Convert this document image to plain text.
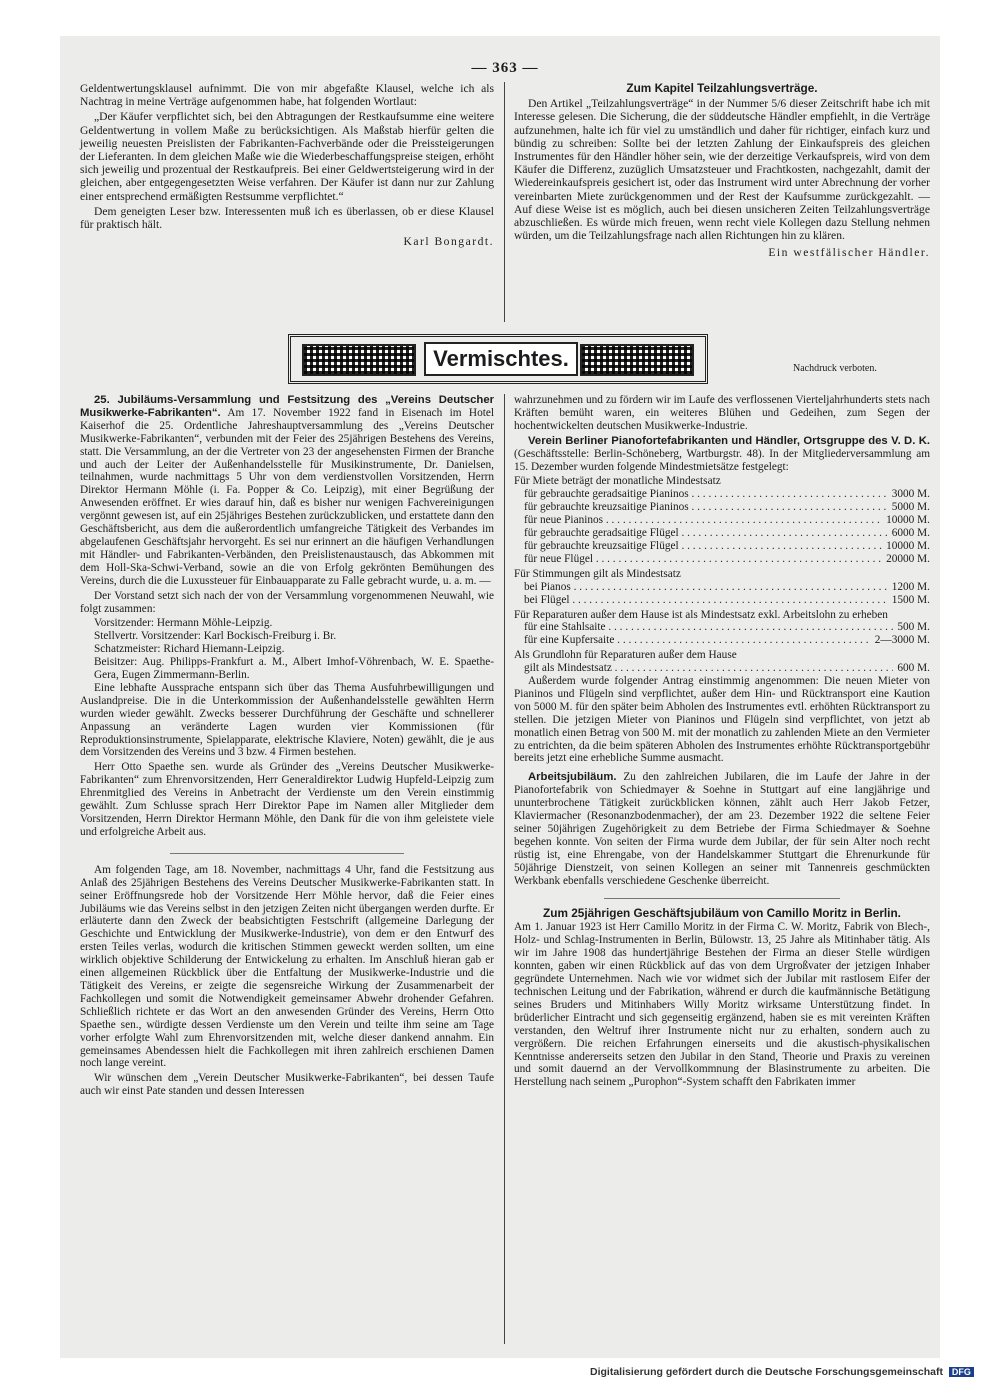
— 363 —

Geldentwertungsklausel aufnimmt. Die von mir abgefaßte Klausel, welche ich als Nachtrag in meine Verträge aufgenommen habe, hat folgenden Wortlaut:

„Der Käufer verpflichtet sich, bei den Abtragungen der Restkaufsumme eine weitere Geldentwertung in vollem Maße zu berücksichtigen. Als Maßstab hierfür gelten die jeweilig neuesten Preislisten der Fabrikanten-Fachverbände oder die Preissteigerungen der Lieferanten. In dem gleichen Maße wie die Wiederbeschaffungspreise steigen, erhöht sich jeweilig und prozentual der Restkaufpreis. Bei einer Geldwertsteigerung wird in der gleichen, aber entgegengesetzten Weise verfahren. Der Käufer ist dann nur zur Zahlung einer entsprechend ermäßigten Restsumme verpflichtet.“

Dem geneigten Leser bzw. Interessenten muß ich es überlassen, ob er diese Klausel für praktisch hält.

Karl Bongardt.
Zum Kapitel Teilzahlungsverträge.

Den Artikel „Teilzahlungsverträge“ in der Nummer 5/6 dieser Zeitschrift habe ich mit Interesse gelesen. Die Sicherung, die der süddeutsche Händler empfiehlt, in die Verträge aufzunehmen, halte ich für viel zu umständlich und daher für richtiger, einfach kurz und bündig zu schreiben: Sollte bei der letzten Zahlung der Einkaufspreis des gleichen Instrumentes für den Händler höher sein, wie der derzeitige Verkaufspreis, wird von dem Käufer die Differenz, zuzüglich Umsatzsteuer und Frachtkosten, nachgezahlt, damit der Wiedereinkaufspreis gesichert ist, oder das Instrument wird unter Abrechnung der vorher vereinbarten Miete zurückgenommen und der Rest der Kaufsumme zurückgezahlt. — Auf diese Weise ist es möglich, auch bei diesen unsicheren Zeiten Teilzahlungsverträge abzuschließen. Es würde mich freuen, wenn recht viele Kollegen dazu Stellung nehmen würden, um die Teilzahlungsfrage nach allen Richtungen hin zu klären.

Ein westfälischer Händler.
Vermischtes.	Nachdruck verboten.

25. Jubiläums-Versammlung und Festsitzung des „Vereins Deutscher Musikwerke-Fabrikanten“. Am 17. November 1922 fand in Eisenach im Hotel Kaiserhof die 25. Ordentliche Jahreshauptversammlung des „Vereins Deutscher Musikwerke-Fabrikanten“, verbunden mit der Feier des 25jährigen Bestehens des Vereins, statt. Die Versammlung, an der die Vertreter von 23 der angesehensten Firmen der Branche und auch der Leiter der Außenhandelsstelle für Musikinstrumente, Dr. Danielsen, teilnahmen, wurde nachmittags 5 Uhr von dem verdienstvollen Vorsitzenden, Herrn Direktor Hermann Möhle (i. Fa. Popper & Co. Leipzig), mit einer Begrüßung der Anwesenden eröffnet. Er wies darauf hin, daß es bisher nur wenigen Fachvereinigungen vergönnt gewesen ist, auf ein 25jähriges Bestehen zurückzublicken, und erstattete dann den Geschäftsbericht, aus dem die außerordentlich umfangreiche Tätigkeit des Verbandes im abgelaufenen Geschäftsjahr hervorgeht. Es sei nur erinnert an die häufigen Verhandlungen mit Händler- und Fabrikanten-Verbänden, den Preislistenaustausch, das Abkommen mit dem Holl-Ska-Schwi-Verband, sowie an die von Erfolg gekrönten Bemühungen des Vereins, durch die die Luxussteuer für Einbauapparate zu Falle gebracht wurde, u. a. m. —

Der Vorstand setzt sich nach der von der Versammlung vorgenommenen Neuwahl, wie folgt zusammen:

Vorsitzender: Hermann Möhle-Leipzig.
Stellvertr. Vorsitzender: Karl Bockisch-Freiburg i. Br.
Schatzmeister: Richard Hiemann-Leipzig.
Beisitzer: Aug. Philipps-Frankfurt a. M., Albert Imhof-Vöhrenbach, W. E. Spaethe-Gera, Eugen Zimmermann-Berlin.

Eine lebhafte Aussprache entspann sich über das Thema Ausfuhrbewilligungen und Auslandpreise. Die in die Unterkommission der Außenhandelsstelle gewählten Herrn wurden wieder gewählt. Zwecks besserer Durchführung der Geschäfte und schnellerer Anpassung an veränderte Lagen wurden vier Kommissionen (für Reproduktionsinstrumente, Spielapparate, elektrische Klaviere, Noten) gewählt, die je aus dem Vorsitzenden des Vereins und 3 bzw. 4 Firmen bestehen.

Herr Otto Spaethe sen. wurde als Gründer des „Vereins Deutscher Musikwerke-Fabrikanten“ zum Ehrenvorsitzenden, Herr Generaldirektor Ludwig Hupfeld-Leipzig zum Ehrenmitglied des Vereins in Anbetracht der Verdienste um den Verein einstimmig gewählt. Zum Schlusse sprach Herr Direktor Pape im Namen aller Mitglieder dem Vorsitzenden, Herrn Direktor Hermann Möhle, den Dank für die von ihm geleistete viele und erfolgreiche Arbeit aus.

Am folgenden Tage, am 18. November, nachmittags 4 Uhr, fand die Festsitzung aus Anlaß des 25jährigen Bestehens des Vereins Deutscher Musikwerke-Fabrikanten statt. In seiner Eröffnungsrede hob der Vorsitzende Herr Möhle hervor, daß die Feier eines Jubiläums wie das Vereins selbst in den jetzigen Zeiten nicht übergangen werden durfte. Er erläuterte dann den Zweck der beabsichtigten Festschrift (allgemeine Darlegung der Geschichte und Entwicklung der Musikwerke-Industrie), von dem er den Entwurf des ersten Teiles verlas, wodurch die kritischen Stimmen geweckt werden sollten, um eine wirklich objektive Schilderung der Entwickelung zu erhalten. Im Anschluß hieran gab er einen allgemeinen Rückblick über die Entfaltung der Musikwerke-Industrie und die Tätigkeit des Vereins, er zeigte die segensreiche Wirkung der Zusammenarbeit der Fachkollegen und somit die Notwendigkeit gemeinsamer Abwehr drohender Gefahren. Schließlich richtete er das Wort an den anwesenden Gründer des Vereins, Herrn Otto Spaethe sen., würdigte dessen Verdienste um den Verein und teilte ihm seine am Tage vorher erfolgte Wahl zum Ehrenvorsitzenden mit, welche dieser dankend annahm. Ein gemeinsames Abendessen hielt die Fachkollegen mit ihren zahlreich erschienen Damen noch lange vereint.

Wir wünschen dem „Verein Deutscher Musikwerke-Fabrikanten“, bei dessen Taufe auch wir einst Pate standen und dessen Interessen

wahrzunehmen und zu fördern wir im Laufe des verflossenen Vierteljahrhunderts stets nach Kräften bemüht waren, ein weiteres Blühen und Gedeihen, zum Segen der hochentwickelten deutschen Musikwerke-Industrie.

Verein Berliner Pianofortefabrikanten und Händler, Ortsgruppe des V. D. K. (Geschäftsstelle: Berlin-Schöneberg, Wartburgstr. 48). In der Mitgliederversammlung am 15. Dezember wurden folgende Mindestmietsätze festgelegt:

Für Miete beträgt der monatliche Mindestsatz
für gebrauchte geradsaitige Pianinos . . .	3000 M.
für gebrauchte kreuzsaitige Pianinos . . .	5000 M.
für neue Pianinos . . .	10000 M.
für gebrauchte geradsaitige Flügel . . .	6000 M.
für gebrauchte kreuzsaitige Flügel . . .	10000 M.
für neue Flügel . . .	20000 M.
Für Stimmungen gilt als Mindestsatz
bei Pianos . . .	1200 M.
bei Flügel . . .	1500 M.
Für Reparaturen außer dem Hause ist als Mindestsatz exkl. Arbeitslohn zu erheben
für eine Stahlsaite . . .	500 M.
für eine Kupfersaite . . .	2—3000 M.
Als Grundlohn für Reparaturen außer dem Hause
gilt als Mindestsatz . . .	600 M.

Außerdem wurde folgender Antrag einstimmig angenommen: Die neuen Mieter von Pianinos und Flügeln sind verpflichtet, außer dem Hin- und Rücktransport eine Kaution von 5000 M. für den später beim Abholen des Instrumentes evtl. erhöhten Rücktransport zu stellen. Die jetzigen Mieter von Pianinos und Flügeln sind verpflichtet, von jetzt ab monatlich einen Betrag von 500 M. mit der monatlich zu zahlenden Miete an den Vermieter zu entrichten, da die beim späteren Abholen des Instrumentes erhöhte Rücktransportgebühr bereits jetzt eine erhebliche Summe ausmacht.

Arbeitsjubiläum. Zu den zahlreichen Jubilaren, die im Laufe der Jahre in der Pianofortefabrik von Schiedmayer & Soehne in Stuttgart auf eine langjährige und ununterbrochene Tätigkeit zurückblicken können, zählt auch Herr Jakob Fetzer, Klaviermacher (Resonanzbodenmacher), der am 23. Dezember 1922 die seltene Feier seiner 50jährigen Zugehörigkeit zu dem Betriebe der Firma Schiedmayer & Soehne begehen konnte. Von seiten der Firma wurde dem Jubilar, der für sein Alter noch recht rüstig ist, eine Ehrengabe, von der Handelskammer Stuttgart die Ehrenurkunde für 50jährige Dienstzeit, von seinen Kollegen an seiner mit Tannenreis geschmückten Werkbank ebenfalls verschiedene Geschenke überreicht.

Zum 25jährigen Geschäftsjubiläum von Camillo Moritz in Berlin.

Am 1. Januar 1923 ist Herr Camillo Moritz in der Firma C. W. Moritz, Fabrik von Blech-, Holz- und Schlag-Instrumenten in Berlin, Bülowstr. 13, 25 Jahre als Mitinhaber tätig. Als wir im Jahre 1908 das hundertjährige Bestehen der Firma an dieser Stelle würdigen konnten, gaben wir einen Rückblick auf das von dem Urgroßvater der jetzigen Inhaber gegründete Unternehmen. Nach wie vor widmet sich der Jubilar mit rastlosem Eifer der technischen Leitung und der Fabrikation, während er durch die kaufmännische Betätigung seines Bruders und Mitinhabers Willy Moritz wirksame Unterstützung findet. In brüderlicher Eintracht und sich gegenseitig ergänzend, haben sie es mit vereinten Kräften verstanden, den Weltruf ihrer Instrumente nicht nur zu erhalten, sondern auch zu vergrößern. Die reichen Erfahrungen einerseits und die akustisch-physikalischen Kenntnisse andererseits setzen den Jubilar in den Stand, Theorie und Praxis zu vereinen und somit dauernd an der Vervollkommnung der Blasinstrumente zu arbeiten. Die Herstellung nach seinem „Purophon“-System schafft den Fabrikaten immer

Digitalisierung gefördert durch die Deutsche Forschungsgemeinschaft DFG
